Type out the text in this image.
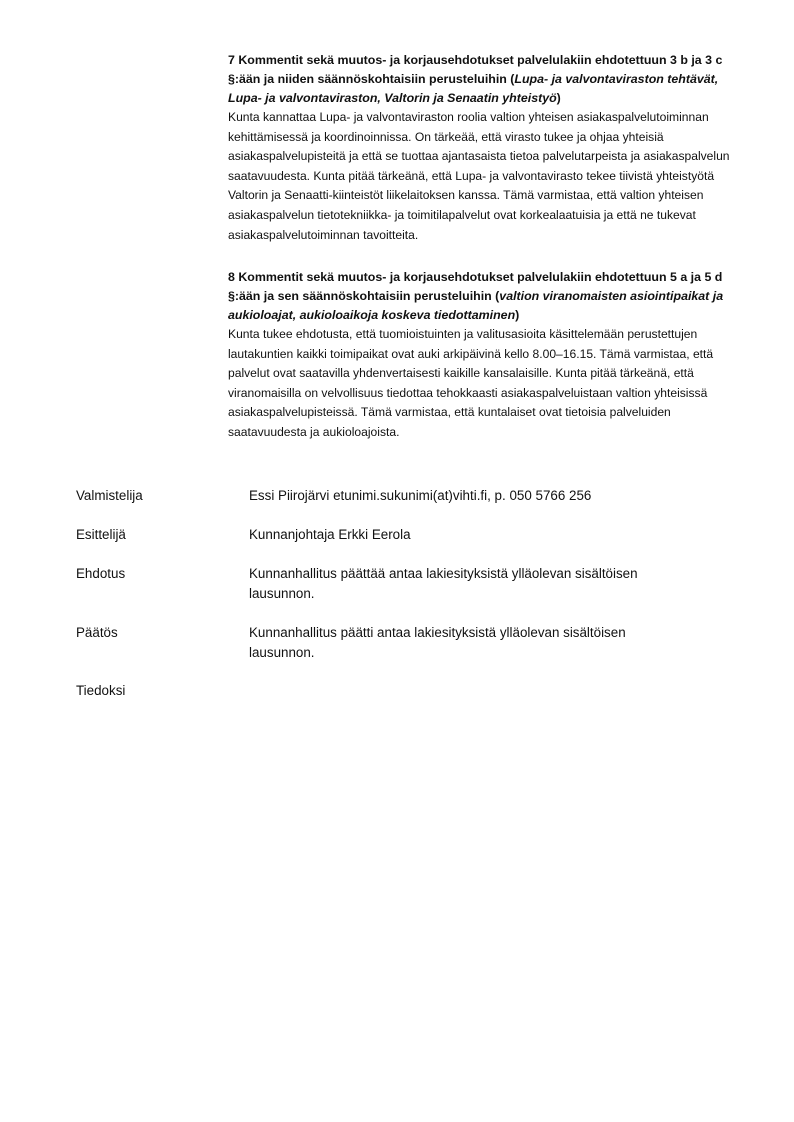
7 Kommentit sekä muutos- ja korjausehdotukset palvelulakiin ehdotettuun 3 b ja 3 c §:ään ja niiden säännöskohtaisiin perusteluihin (Lupa- ja valvontaviraston tehtävät, Lupa- ja valvontaviraston, Valtorin ja Senaatin yhteistyö)

Kunta kannattaa Lupa- ja valvontaviraston roolia valtion yhteisen asiakaspalvelutoiminnan kehittämisessä ja koordinoinnissa. On tärkeää, että virasto tukee ja ohjaa yhteisiä asiakaspalvelupisteitä ja että se tuottaa ajantasaista tietoa palvelutarpeista ja asiakaspalvelun saatavuudesta. Kunta pitää tärkeänä, että Lupa- ja valvontavirasto tekee tiivistä yhteistyötä Valtorin ja Senaatti-kiinteistöt liikelaitoksen kanssa. Tämä varmistaa, että valtion yhteisen asiakaspalvelun tietotekniikka- ja toimitilapalvelut ovat korkealaatuisia ja että ne tukevat asiakaspalvelutoiminnan tavoitteita.

8 Kommentit sekä muutos- ja korjausehdotukset palvelulakiin ehdotettuun 5 a ja 5 d §:ään ja sen säännöskohtaisiin perusteluihin (valtion viranomaisten asiointipaikat ja aukioloajat, aukioloaikoja koskeva tiedottaminen)

Kunta tukee ehdotusta, että tuomioistuinten ja valitusasioita käsittelemään perustettujen lautakuntien kaikki toimipaikat ovat auki arkipäivinä kello 8.00–16.15. Tämä varmistaa, että palvelut ovat saatavilla yhdenvertaisesti kaikille kansalaisille. Kunta pitää tärkeänä, että viranomaisilla on velvollisuus tiedottaa tehokkaasti asiakaspalveluistaan valtion yhteisissä asiakaspalvelupisteissä. Tämä varmistaa, että kuntalaiset ovat tietoisia palveluiden saatavuudesta ja aukioloajoista.

Valmistelija	Essi Piirojärvi etunimi.sukunimi(at)vihti.fi, p. 050 5766 256
Esittelijä	Kunnanjohtaja Erkki Eerola
Ehdotus	Kunnanhallitus päättää antaa lakiesityksistä ylläolevan sisältöisen lausunnon.
Päätös	Kunnanhallitus päätti antaa lakiesityksistä ylläolevan sisältöisen lausunnon.
Tiedoksi
